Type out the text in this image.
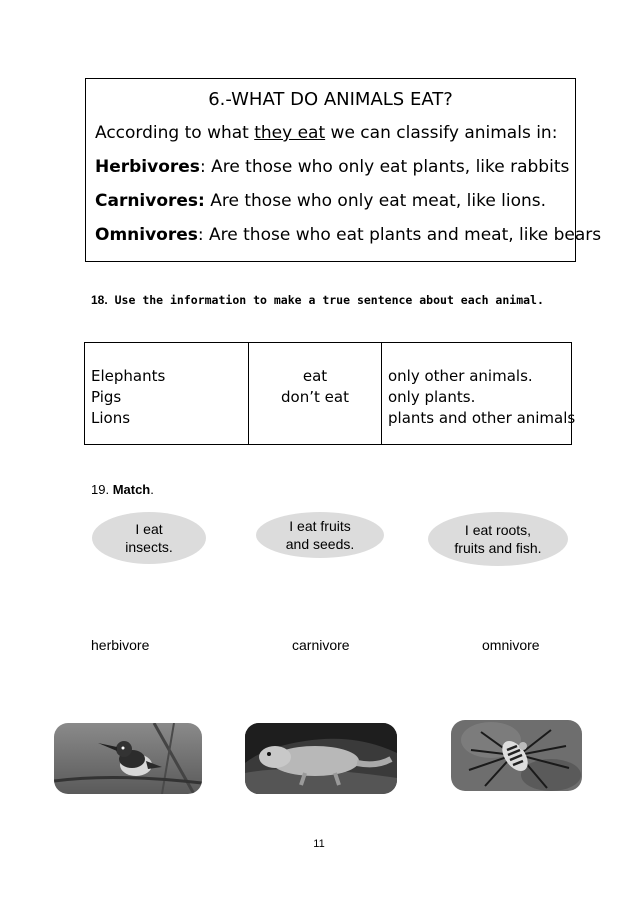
6.-WHAT DO ANIMALS EAT?
According to what they eat we can classify animals in:
Herbivores: Are those who only eat plants, like rabbits
Carnivores: Are those who only eat meat, like lions.
Omnivores: Are those who eat plants and meat, like bears
18. Use the information to make a true sentence about each animal.
Elephants
Pigs
Lions

eat
don’t eat

only other animals.
only plants.
plants and other animals
19. Match.
I eat
insects.
I eat fruits
and seeds.
I eat roots,
fruits and fish.
herbivore	carnivore	omnivore
11
